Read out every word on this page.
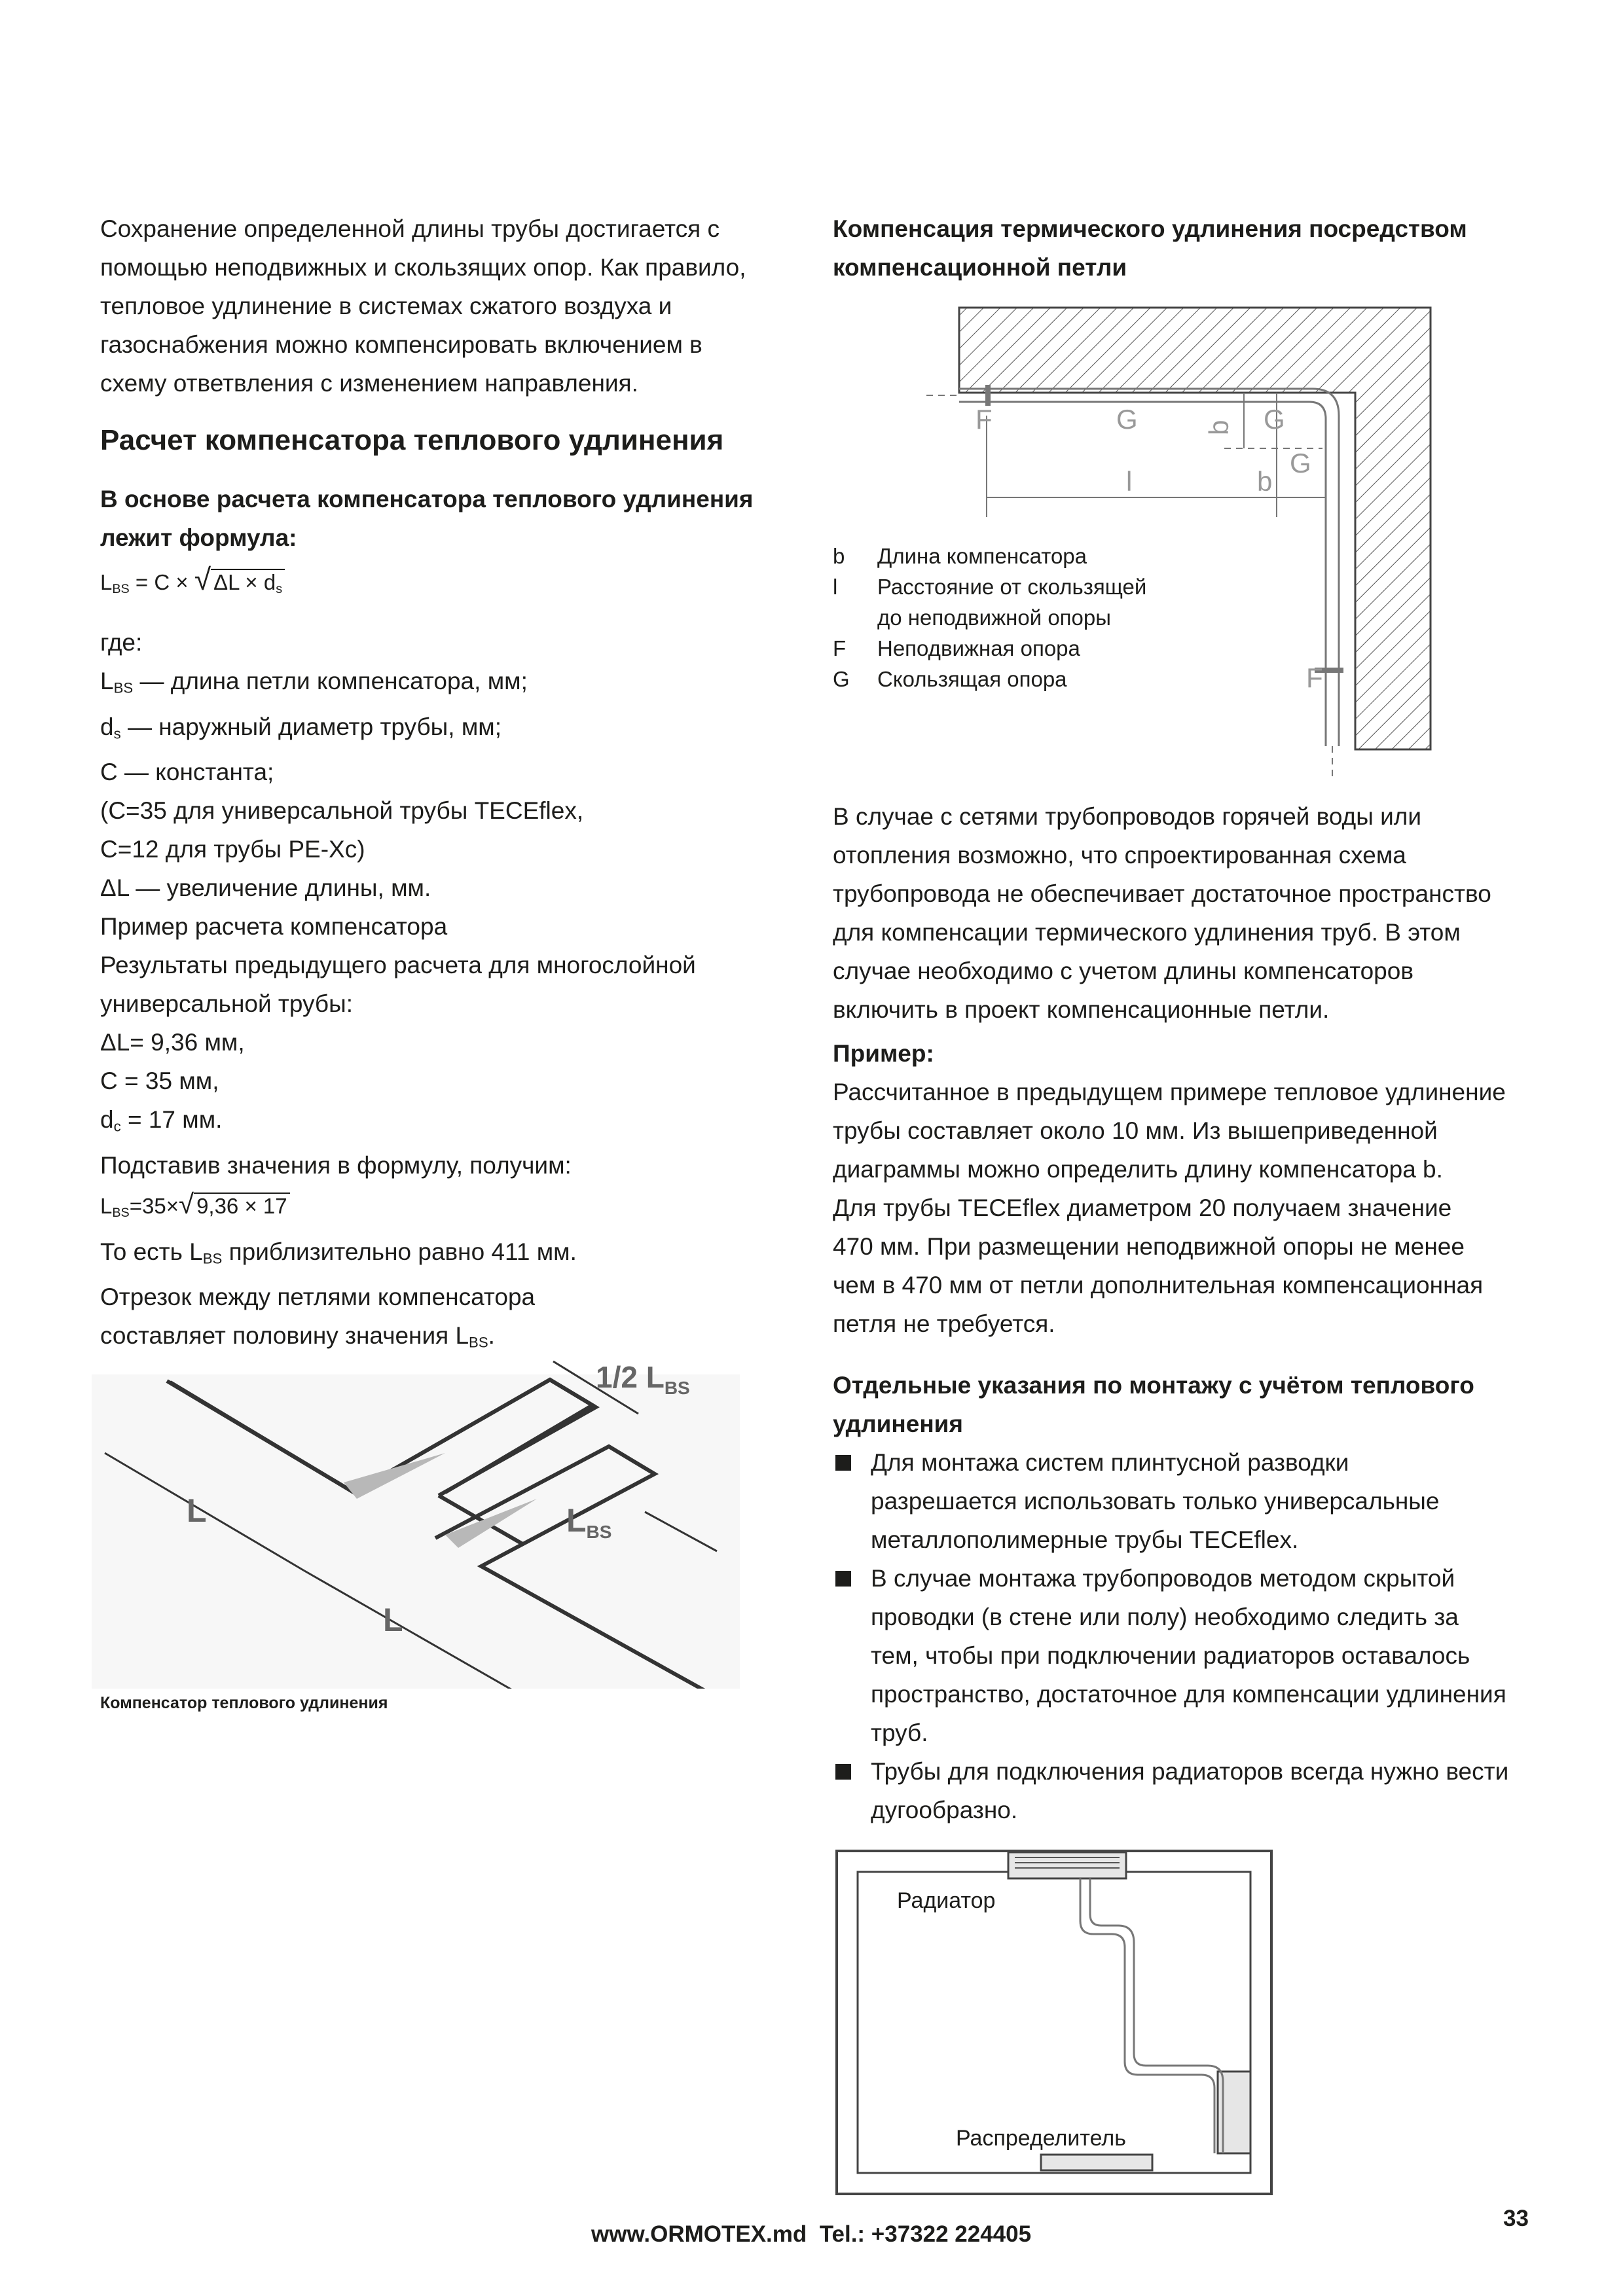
Сохранение определенной длины трубы достигается с
помощью неподвижных и скользящих опор. Как правило,
тепловое удлинение в системах сжатого воздуха и
газоснабжения можно компенсировать включением в
схему ответвления с изменением направления.
Расчет компенсатора теплового удлинения
В основе расчета компенсатора теплового удлинения
лежит формула:
$L_{BS} = C$ × √ $\Delta L \times d_s$
где:
$L_{BS}$ — длина петли компенсатора, мм;
$d_s$ — наружный диаметр трубы, мм;
C — константа;
(C=35 для универсальной трубы TECEflex,
C=12 для трубы PE-Xc)
ΔL — увеличение длины, мм.
Пример расчета компенсатора
Результаты предыдущего расчета для многослойной
универсальной трубы:
ΔL= 9,36 мм,
C = 35 мм,
$d_c = 17$ мм.
Подставив значения в формулу, получим:
$L_{BS}=35\times√$ 9,36 × 17
То есть $L_{BS}$ приблизительно равно 411 мм.
Отрезок между петлями компенсатора
составляет половину значения $L_{BS}$.
L
L
1/2 $L_{BS}$
$L_{BS}$
Компенсатор теплового удлинения
Компенсация термического удлинения посредством
компенсационной петли
F	G	G
G
b
l
F
b
b Длина компенсатора
l Расстояние от скользящей
до неподвижной опоры
F Неподвижная опора
G Скользящая опора
В случае с сетями трубопроводов горячей воды или
отопления возможно, что спроектированная схема
трубопровода не обеспечивает достаточное пространство
для компенсации термического удлинения труб. В этом
случае необходимо с учетом длины компенсаторов
включить в проект компенсационные петли.
Пример:
Рассчитанное в предыдущем примере тепловое удлинение
трубы составляет около 10 мм. Из вышеприведенной
диаграммы можно определить длину компенсатора b.
Для трубы TECEflex диаметром 20 получаем значение
470 мм. При размещении неподвижной опоры не менее
чем в 470 мм от петли дополнительная компенсационная
петля не требуется.
Отдельные указания по монтажу с учётом теплового
удлинения
Для монтажа систем плинтусной разводки
разрешается использовать только универсальные
металлополимерные трубы TECEflex.
В случае монтажа трубопроводов методом скрытой
проводки (в стене или полу) необходимо следить за
тем, чтобы при подключении радиаторов оставалось
пространство, достаточное для компенсации удлинения
труб.
Трубы для подключения радиаторов всегда нужно вести
дугообразно.
Радиатор
Распределитель
www.ORMOTEX.md  Tel.: +37322 224405
33
